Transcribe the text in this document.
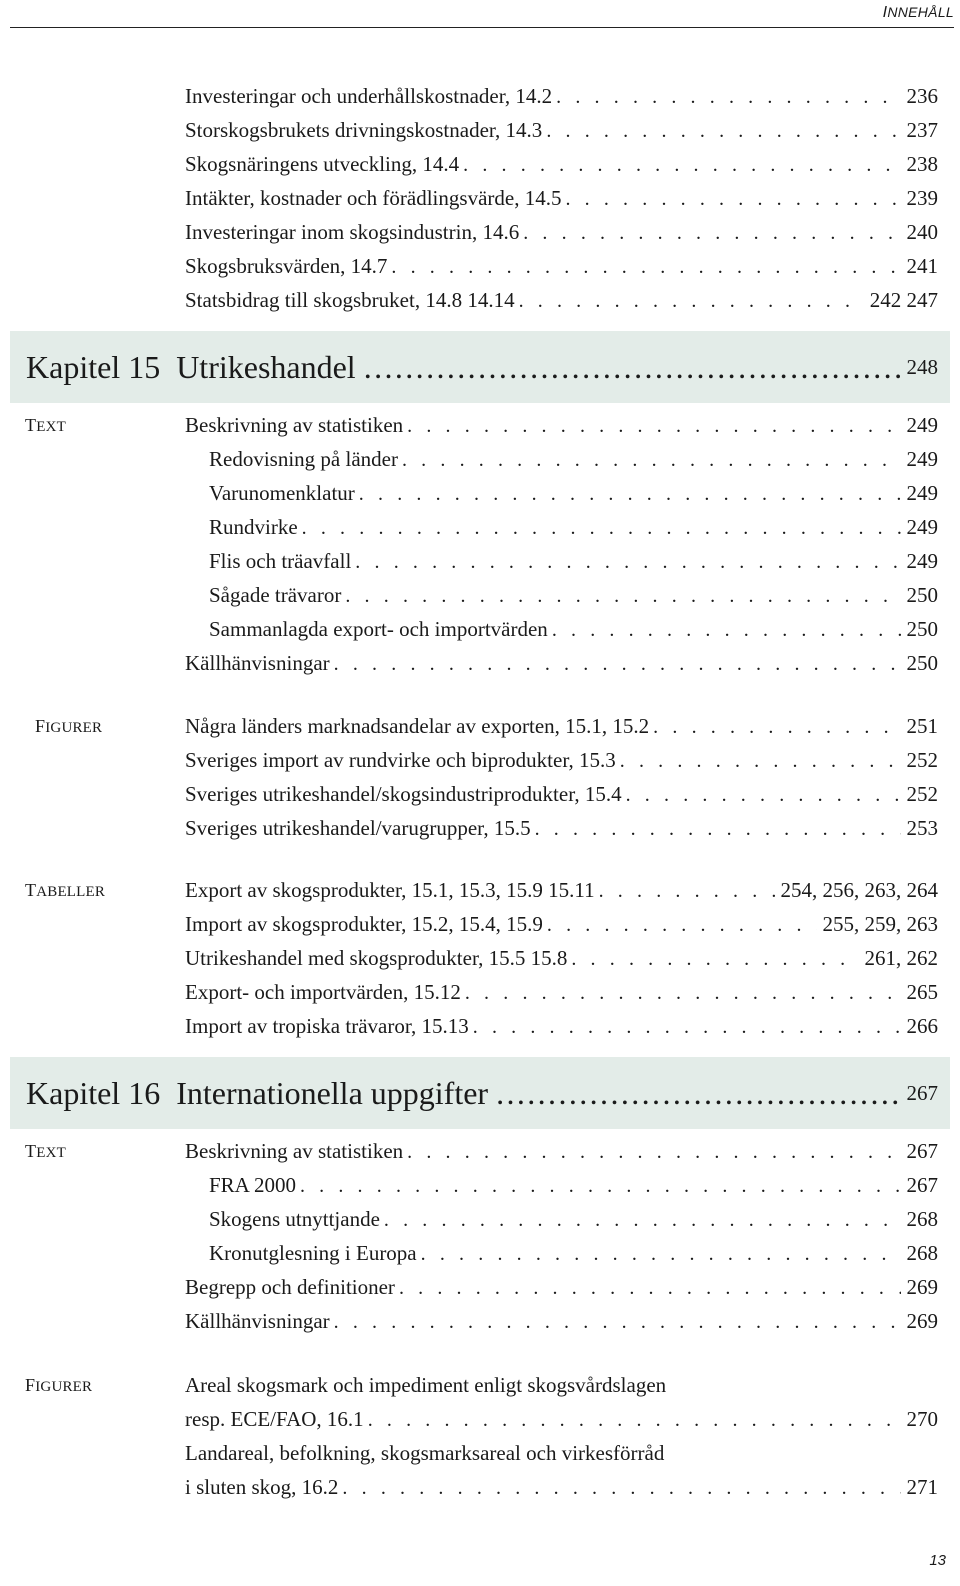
INNEHÅLL
Investeringar och underhållskostnader, 14.2 . . .	236
Storskogsbrukets drivningskostnader, 14.3 . . .	237
Skogsnäringens utveckling, 14.4 . . .	238
Intäkter, kostnader och förädlingsvärde, 14.5 . . .	239
Investeringar inom skogsindustrin, 14.6 . . .	240
Skogsbruksvärden, 14.7 . . .	241
Statsbidrag till skogsbruket, 14.8 14.14 . . .	242 247
Kapitel 15 Utrikeshandel .....	248
TEXT	Beskrivning av statistiken . . .	249
Redovisning på länder . . .	249
Varunomenklatur . . .	249
Rundvirke . . .	249
Flis och träavfall . . .	249
Sågade trävaror . . .	250
Sammanlagda export- och importvärden . . .	250
Källhänvisningar . . .	250
FIGURER	Några länders marknadsandelar av exporten, 15.1, 15.2 . . .	251
Sveriges import av rundvirke och biprodukter, 15.3 . . .	252
Sveriges utrikeshandel/skogsindustriprodukter, 15.4 . . .	252
Sveriges utrikeshandel/varugrupper, 15.5 . . .	253
TABELLER	Export av skogsprodukter, 15.1, 15.3, 15.9 15.11 . . .	254, 256, 263, 264
Import av skogsprodukter, 15.2, 15.4, 15.9 . . .	255, 259, 263
Utrikeshandel med skogsprodukter, 15.5 15.8 . . .	261, 262
Export- och importvärden, 15.12 . . .	265
Import av tropiska trävaror, 15.13 . . .	266
Kapitel 16 Internationella uppgifter .....	267
TEXT	Beskrivning av statistiken . . .	267
FRA 2000 . . .	267
Skogens utnyttjande . . .	268
Kronutglesning i Europa . . .	268
Begrepp och definitioner . . .	269
Källhänvisningar . . .	269
FIGURER	Areal skogsmark och impediment enligt skogsvårdslagen
resp. ECE/FAO, 16.1 . . .	270
Landareal, befolkning, skogsmarksareal och virkesförråd
i sluten skog, 16.2 . . .	271
13
